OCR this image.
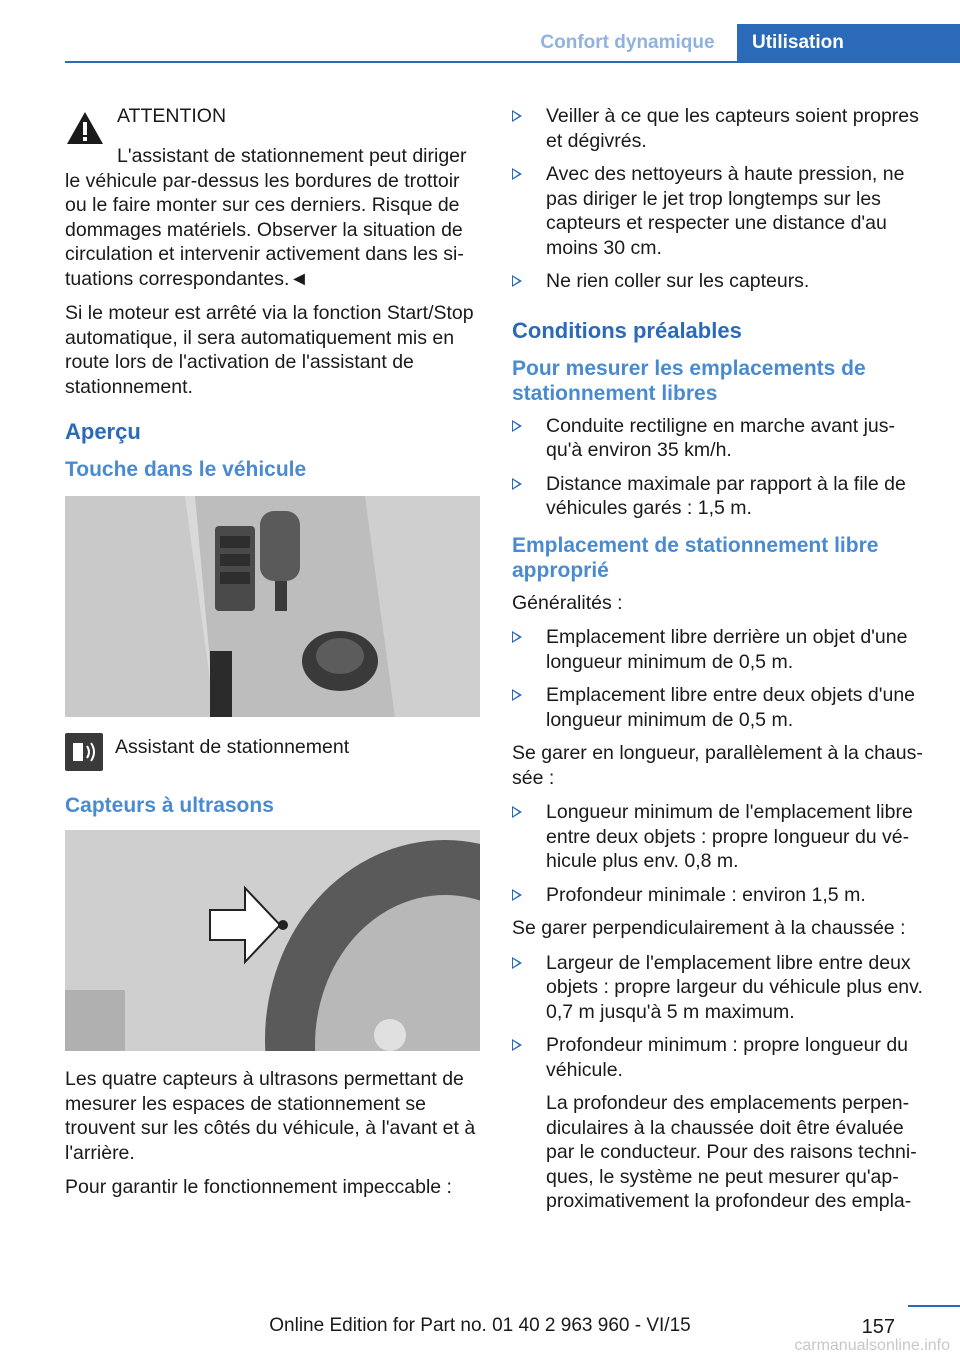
Confort dynamique	Utilisation
ATTENTION

L'assistant de stationnement peut diriger le véhicule par-dessus les bordures de trottoir ou le faire monter sur ces derniers. Risque de dommages matériels. Observer la situation de circulation et intervenir activement dans les si-tuations correspondantes.◄

Si le moteur est arrêté via la fonction Start/Stop automatique, il sera automatiquement mis en route lors de l'activation de l'assistant de stationnement.

Aperçu
Touche dans le véhicule
Assistant de stationnement
Capteurs à ultrasons

Les quatre capteurs à ultrasons permettant de mesurer les espaces de stationnement se trouvent sur les côtés du véhicule, à l'avant et à l'arrière.

Pour garantir le fonctionnement impeccable :

Veiller à ce que les capteurs soient propres et dégivrés.
Avec des nettoyeurs à haute pression, ne pas diriger le jet trop longtemps sur les capteurs et respecter une distance d'au moins 30 cm.
Ne rien coller sur les capteurs.
Conditions préalables
Pour mesurer les emplacements de stationnement libres
Conduite rectiligne en marche avant jus-qu'à environ 35 km/h.
Distance maximale par rapport à la file de véhicules garés : 1,5 m.
Emplacement de stationnement libre approprié

Généralités :

Emplacement libre derrière un objet d'une longueur minimum de 0,5 m.
Emplacement libre entre deux objets d'une longueur minimum de 0,5 m.

Se garer en longueur, parallèlement à la chaus-sée :

Longueur minimum de l'emplacement libre entre deux objets : propre longueur du vé-hicule plus env. 0,8 m.
Profondeur minimale : environ 1,5 m.

Se garer perpendiculairement à la chaussée :

Largeur de l'emplacement libre entre deux objets : propre largeur du véhicule plus env. 0,7 m jusqu'à 5 m maximum.
Profondeur minimum : propre longueur du véhicule.

La profondeur des emplacements perpen-diculaires à la chaussée doit être évaluée par le conducteur. Pour des raisons techni-ques, le système ne peut mesurer qu'ap-proximativement la profondeur des empla-

Online Edition for Part no. 01 40 2 963 960 - VI/15	157
carmanualsonline.info
